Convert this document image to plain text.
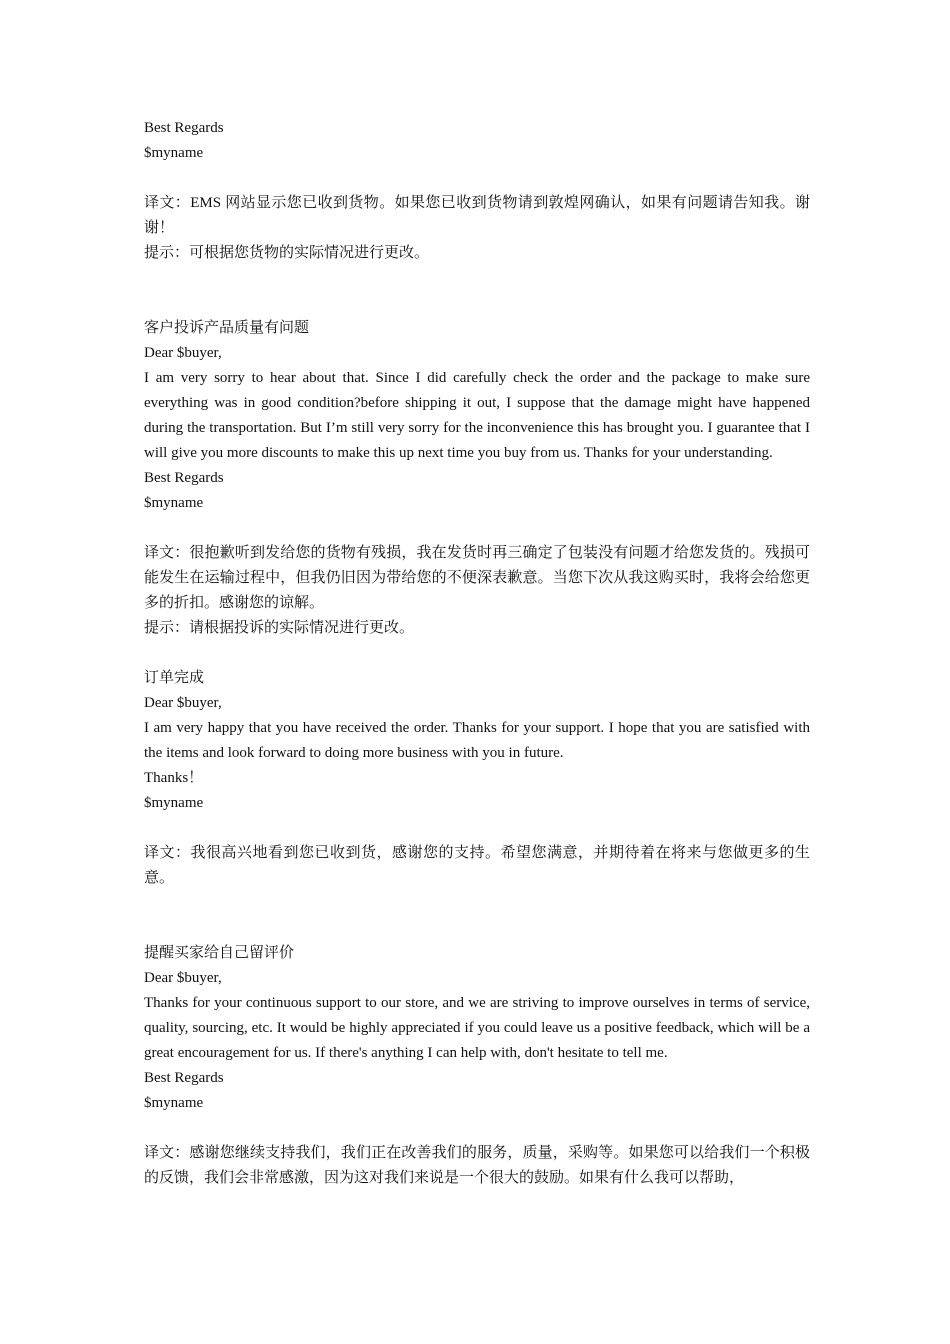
Best Regards
$myname
译文：EMS 网站显示您已收到货物。如果您已收到货物请到敦煌网确认，如果有问题请告知我。谢谢！
提示：可根据您货物的实际情况进行更改。
客户投诉产品质量有问题
Dear $buyer,
I am very sorry to hear about that. Since I did carefully check the order and the package to make sure everything was in good condition?before shipping it out, I suppose that the damage might have happened during the transportation. But I’m still very sorry for the inconvenience this has brought you. I guarantee that I will give you more discounts to make this up next time you buy from us. Thanks for your understanding.
Best Regards
$myname
译文：很抱歉听到发给您的货物有残损，我在发货时再三确定了包装没有问题才给您发货的。残损可能发生在运输过程中，但我仍旧因为带给您的不便深表歉意。当您下次从我这购买时，我将会给您更多的折扣。感谢您的谅解。
提示：请根据投诉的实际情况进行更改。
订单完成
Dear $buyer,
I am very happy that you have received the order. Thanks for your support. I hope that you are satisfied with the items and look forward to doing more business with you in future.
Thanks！
$myname
译文：我很高兴地看到您已收到货，感谢您的支持。希望您满意，并期待着在将来与您做更多的生意。
提醒买家给自己留评价
Dear $buyer,
Thanks for your continuous support to our store, and we are striving to improve ourselves in terms of service, quality, sourcing, etc. It would be highly appreciated if you could leave us a positive feedback, which will be a great encouragement for us. If there's anything I can help with, don't hesitate to tell me.
Best Regards
$myname
译文：感谢您继续支持我们，我们正在改善我们的服务，质量，采购等。如果您可以给我们一个积极的反馈，我们会非常感激，因为这对我们来说是一个很大的鼓励。如果有什么我可以帮助，
